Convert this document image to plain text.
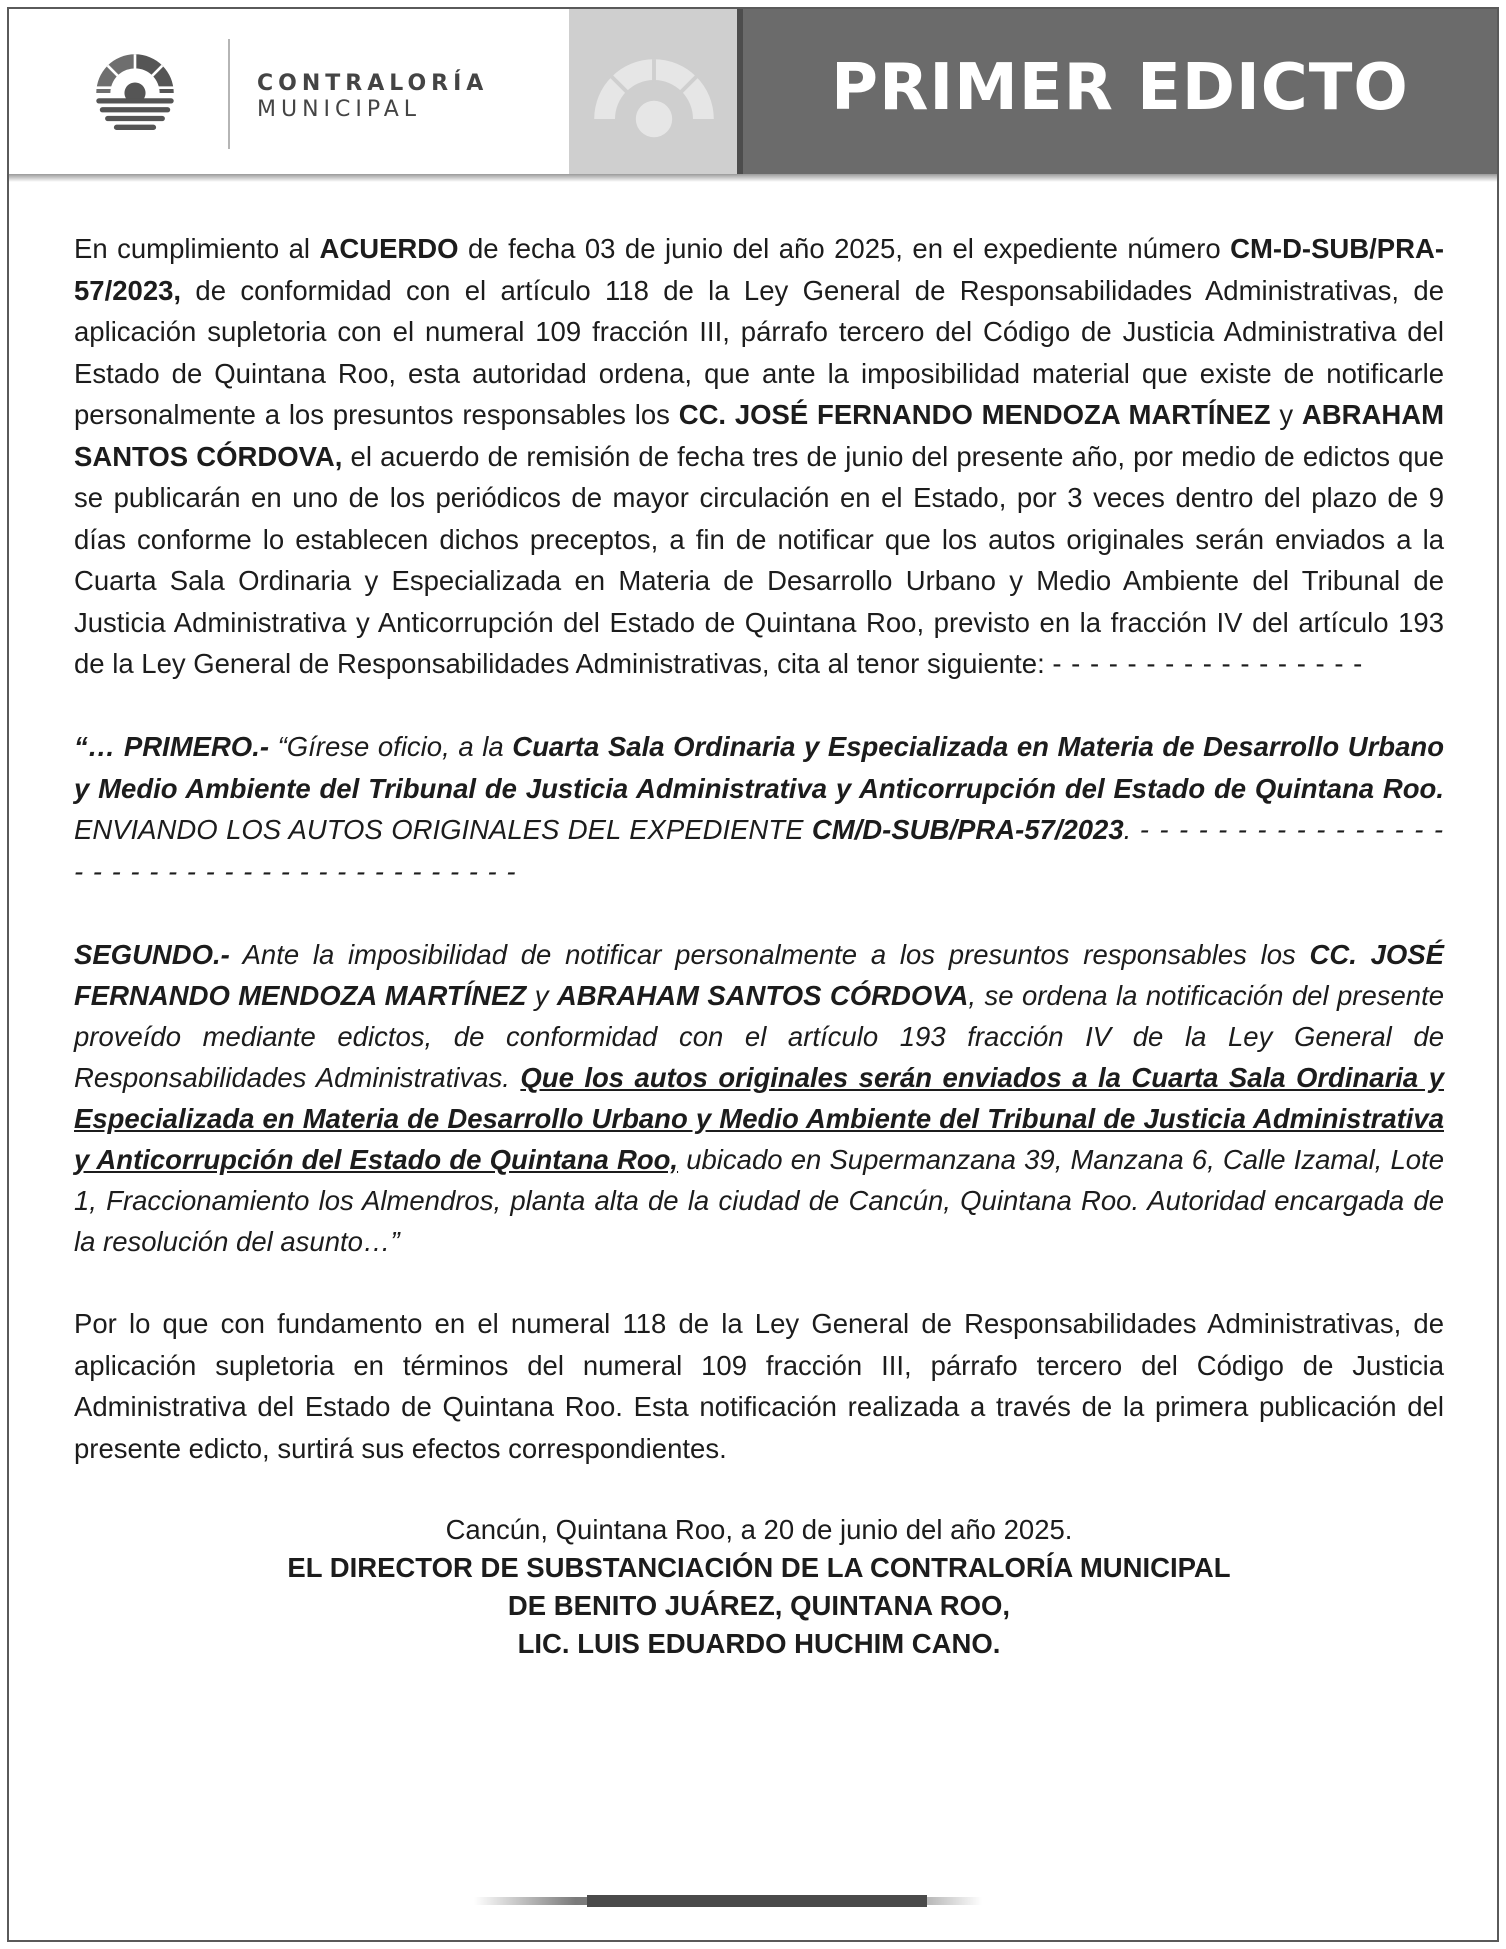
CONTRALORÍA
MUNICIPAL	PRIMER EDICTO

En cumplimiento al ACUERDO de fecha 03 de junio del año 2025, en el expediente número CM-D-SUB/PRA-57/2023, de conformidad con el artículo 118 de la Ley General de Responsabilidades Administrativas, de aplicación supletoria con el numeral 109 fracción III, párrafo tercero del Código de Justicia Administrativa del Estado de Quintana Roo, esta autoridad ordena, que ante la imposibilidad material que existe de notificarle personalmente a los presuntos responsables los CC. JOSÉ FERNANDO MENDOZA MARTÍNEZ y ABRAHAM SANTOS CÓRDOVA, el acuerdo de remisión de fecha tres de junio del presente año, por medio de edictos que se publicarán en uno de los periódicos de mayor circulación en el Estado, por 3 veces dentro del plazo de 9 días conforme lo establecen dichos preceptos, a fin de notificar que los autos originales serán enviados a la Cuarta Sala Ordinaria y Especializada en Materia de Desarrollo Urbano y Medio Ambiente del Tribunal de Justicia Administrativa y Anticorrupción del Estado de Quintana Roo, previsto en la fracción IV del artículo 193 de la Ley General de Responsabilidades Administrativas, cita al tenor siguiente: - - - - - - - - - - - - - - - - -

“… PRIMERO.- “Gírese oficio, a la Cuarta Sala Ordinaria y Especializada en Materia de Desarrollo Urbano y Medio Ambiente del Tribunal de Justicia Administrativa y Anticorrupción del Estado de Quintana Roo. ENVIANDO LOS AUTOS ORIGINALES DEL EXPEDIENTE CM/D-SUB/PRA-57/2023. - - - - - - - - - - - - - - - - - - - - - - - - - - - - - - - - - - - - - - - -

SEGUNDO.- Ante la imposibilidad de notificar personalmente a los presuntos responsables los CC. JOSÉ FERNANDO MENDOZA MARTÍNEZ y ABRAHAM SANTOS CÓRDOVA, se ordena la notificación del presente proveído mediante edictos, de conformidad con el artículo 193 fracción IV de la Ley General de Responsabilidades Administrativas. Que los autos originales serán enviados a la Cuarta Sala Ordinaria y Especializada en Materia de Desarrollo Urbano y Medio Ambiente del Tribunal de Justicia Administrativa y Anticorrupción del Estado de Quintana Roo, ubicado en Supermanzana 39, Manzana 6, Calle Izamal, Lote 1, Fraccionamiento los Almendros, planta alta de la ciudad de Cancún, Quintana Roo. Autoridad encargada de la resolución del asunto…”

Por lo que con fundamento en el numeral 118 de la Ley General de Responsabilidades Administrativas, de aplicación supletoria en términos del numeral 109 fracción III, párrafo tercero del Código de Justicia Administrativa del Estado de Quintana Roo. Esta notificación realizada a través de la primera publicación del presente edicto, surtirá sus efectos correspondientes.

Cancún, Quintana Roo, a 20 de junio del año 2025.

EL DIRECTOR DE SUBSTANCIACIÓN DE LA CONTRALORÍA MUNICIPAL

DE BENITO JUÁREZ, QUINTANA ROO,

LIC. LUIS EDUARDO HUCHIM CANO.
